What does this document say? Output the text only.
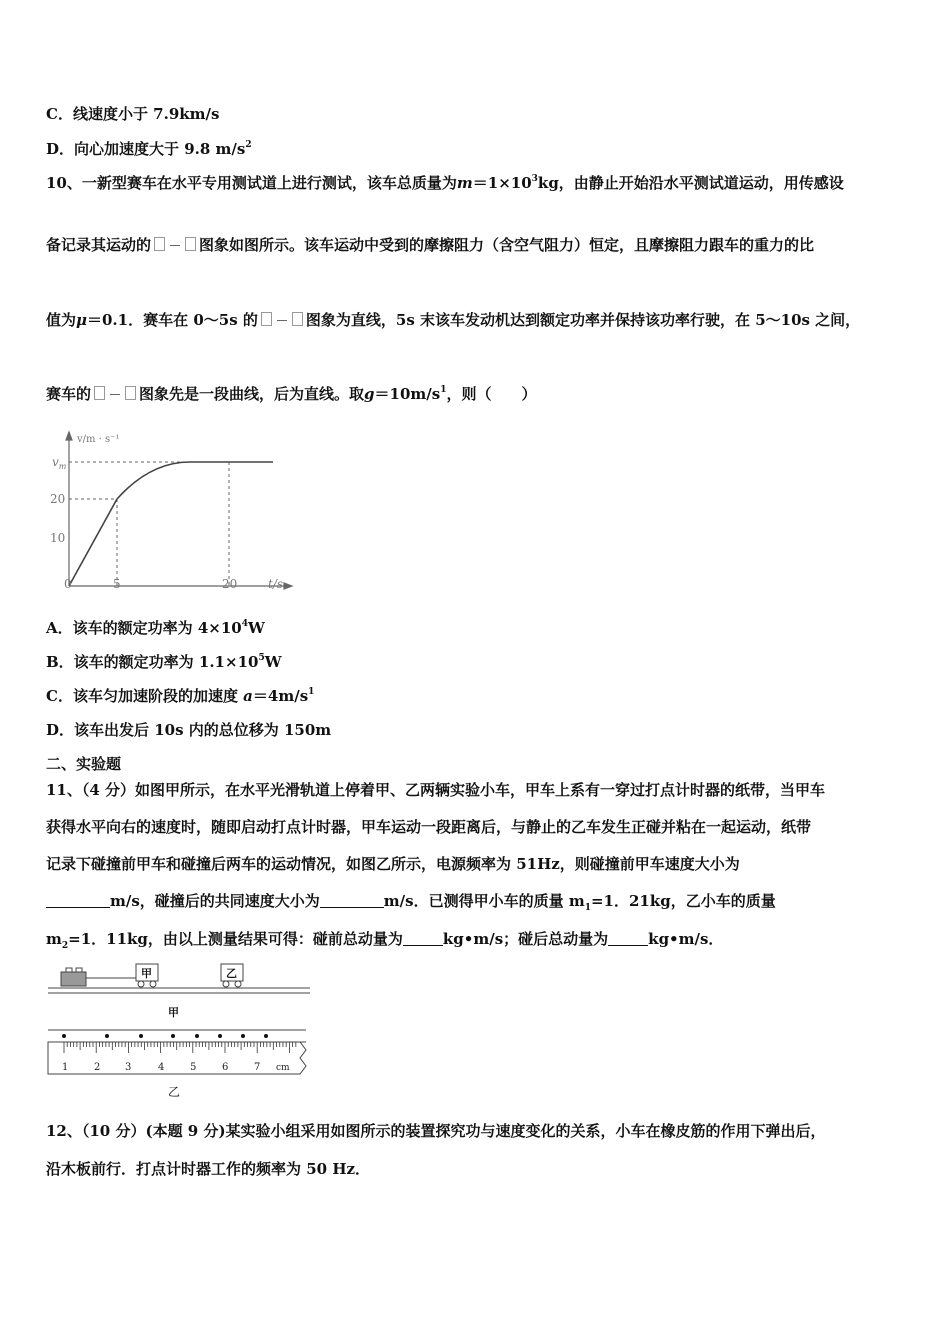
C．线速度小于 7.9km/s
D．向心加速度大于 9.8 $m/s^2$
10、一新型赛车在水平专用测试道上进行测试，该车总质量为$m=1\times 10^3kg$，由静止开始沿水平测试道运动，用传感设
备记录其运动的	图象如图所示。该车运动中受到的摩擦阻力（含空气阻力）恒定，且摩擦阻力跟车的重力的比
值为μ＝0.1．赛车在 0～5s 的	图象为直线，5s 末该车发动机达到额定功率并保持该功率行驶，在 5～10s 之间，
赛车的	图象先是一段曲线，后为直线。取$g=10m/s^1$，则（　　）
v/m · s⁻¹
$v_m$
20
10
0	5	20	t/s
A．该车的额定功率为 $4\times 10^4W$
B．该车的额定功率为 $1.1\times 10^5W$
C．该车匀加速阶段的加速度 $a=4m/s^1$
D．该车出发后 10s 内的总位移为 150m
二、实验题
11、（4 分）如图甲所示，在水平光滑轨道上停着甲、乙两辆实验小车，甲车上系有一穿过打点计时器的纸带，当甲车
获得水平向右的速度时，随即启动打点计时器，甲车运动一段距离后，与静止的乙车发生正碰并粘在一起运动，纸带
记录下碰撞前甲车和碰撞后两车的运动情况，如图乙所示，电源频率为 51Hz，则碰撞前甲车速度大小为
m/s，碰撞后的共同速度大小为	m/s．已测得甲小车的质量 $m_1=1$．21kg，乙小车的质量
$m_2=1$．11kg，由以上测量结果可得：碰前总动量为	kg•m/s；碰后总动量为	kg•m/s．
甲	乙
甲
1	2 3	4	5	6	7 cm
乙
12、（10 分）(本题 9 分)某实验小组采用如图所示的装置探究功与速度变化的关系，小车在橡皮筋的作用下弹出后，
沿木板前行．打点计时器工作的频率为 50 Hz．
